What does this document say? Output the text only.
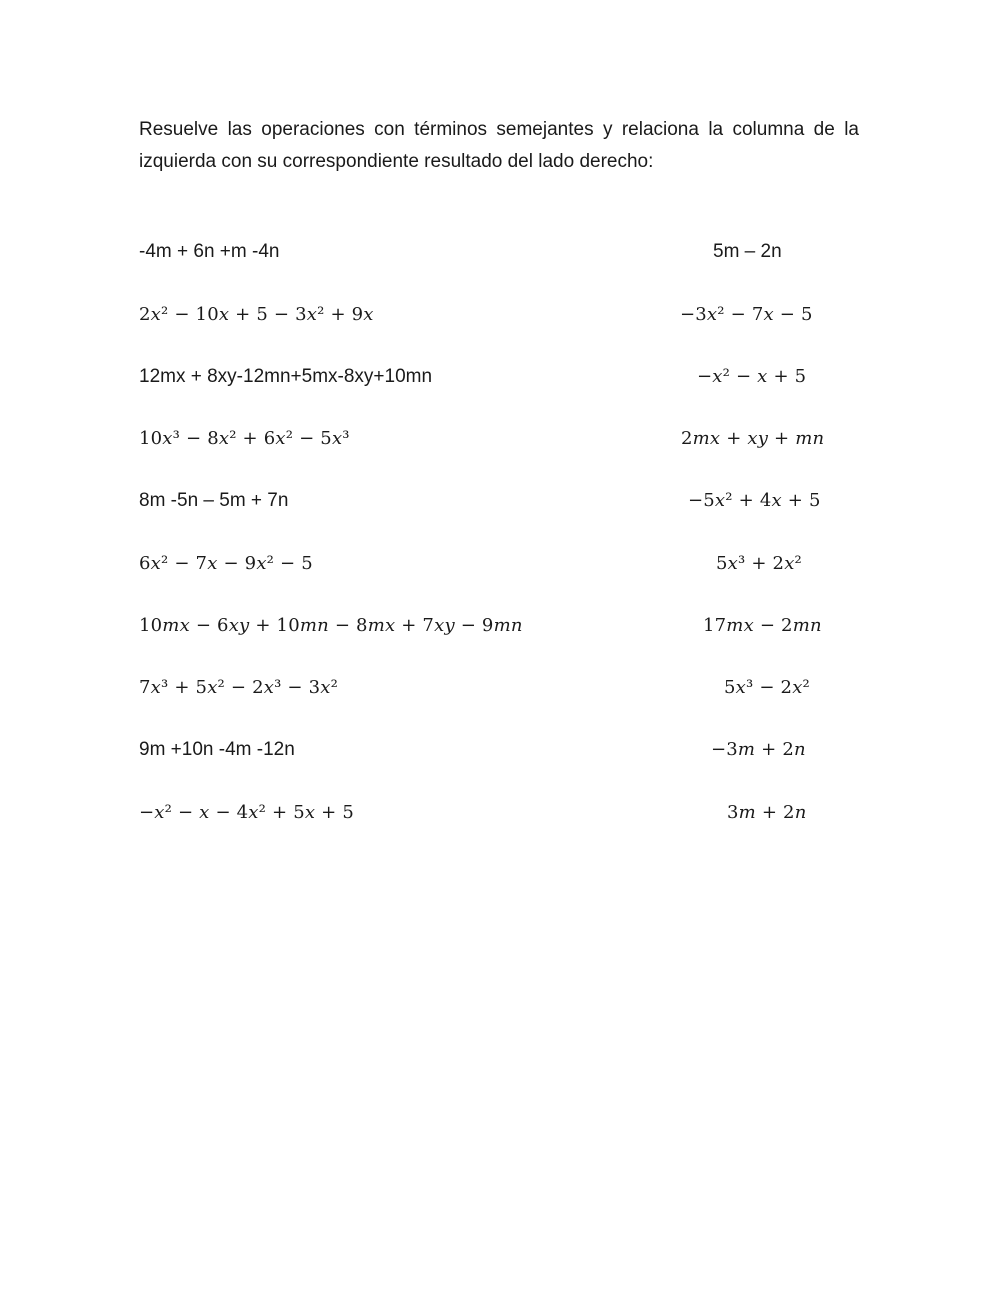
Resuelve las operaciones con términos semejantes y relaciona la columna de la izquierda con su correspondiente resultado del lado derecho:

-4m + 6n +m -4n
2𝑥² − 10𝑥 + 5 − 3𝑥² + 9𝑥
12mx + 8xy-12mn+5mx-8xy+10mn
10𝑥³ − 8𝑥² + 6𝑥² − 5𝑥³
8m -5n – 5m + 7n
6𝑥² − 7𝑥 − 9𝑥² − 5
10𝑚𝑥 − 6𝑥𝑦 + 10𝑚𝑛 − 8𝑚𝑥 + 7𝑥𝑦 − 9𝑚𝑛
7𝑥³ + 5𝑥² − 2𝑥³ − 3𝑥²
9m +10n -4m -12n
−𝑥² − 𝑥 − 4𝑥² + 5𝑥 + 5
5m – 2n
−3𝑥² − 7𝑥 − 5
−𝑥² − 𝑥 + 5
2𝑚𝑥 + 𝑥𝑦 + 𝑚𝑛
−5𝑥² + 4𝑥 + 5
5𝑥³ + 2𝑥²
17𝑚𝑥 − 2𝑚𝑛
5𝑥³ − 2𝑥²
−3𝑚 + 2𝑛
3𝑚 + 2𝑛
